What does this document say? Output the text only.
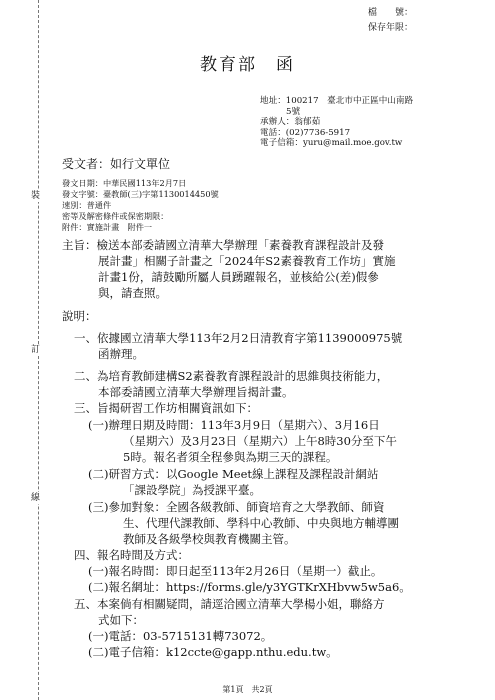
裝
訂
線
檔　　號：
保存年限：
教育部　函
地址：100217　臺北市中正區中山南路
5號
承辦人：翁郁茹
電話：(02)7736-5917
電子信箱：yuru@mail.moe.gov.tw
受文者：如行文單位
發文日期：中華民國113年2月7日
發文字號：臺教師(三)字第1130014450號
速別：普通件
密等及解密條件或保密期限：
附件：實施計畫　附件一
主旨：檢送本部委請國立清華大學辦理「素養教育課程設計及發
展計畫」相關子計畫之「2024年S2素養教育工作坊」實施
計畫1份，請鼓勵所屬人員踴躍報名，並核給公(差)假參
與，請查照。
說明：
一、依據國立清華大學113年2月2日清教育字第1139000975號
函辦理。
二、為培育教師建構S2素養教育課程設計的思維與技術能力，
本部委請國立清華大學辦理旨揭計畫。
三、旨揭研習工作坊相關資訊如下：
(一)辦理日期及時間：113年3月9日（星期六）、3月16日
（星期六）及3月23日（星期六）上午8時30分至下午
5時。報名者須全程參與為期三天的課程。
(二)研習方式：以Google Meet線上課程及課程設計網站
「課設學院」為授課平臺。
(三)參加對象：全國各級教師、師資培育之大學教師、師資
生、代理代課教師、學科中心教師、中央與地方輔導團
教師及各級學校與教育機關主管。
四、報名時間及方式：
(一)報名時間：即日起至113年2月26日（星期一）截止。
(二)報名網址：https://forms.gle/y3YGTKrXHbvw5w5a6。
五、本案倘有相關疑問，請逕洽國立清華大學楊小姐，聯絡方
式如下：
(一)電話：03-5715131轉73072。
(二)電子信箱：k12ccte@gapp.nthu.edu.tw。
第1頁　共2頁
